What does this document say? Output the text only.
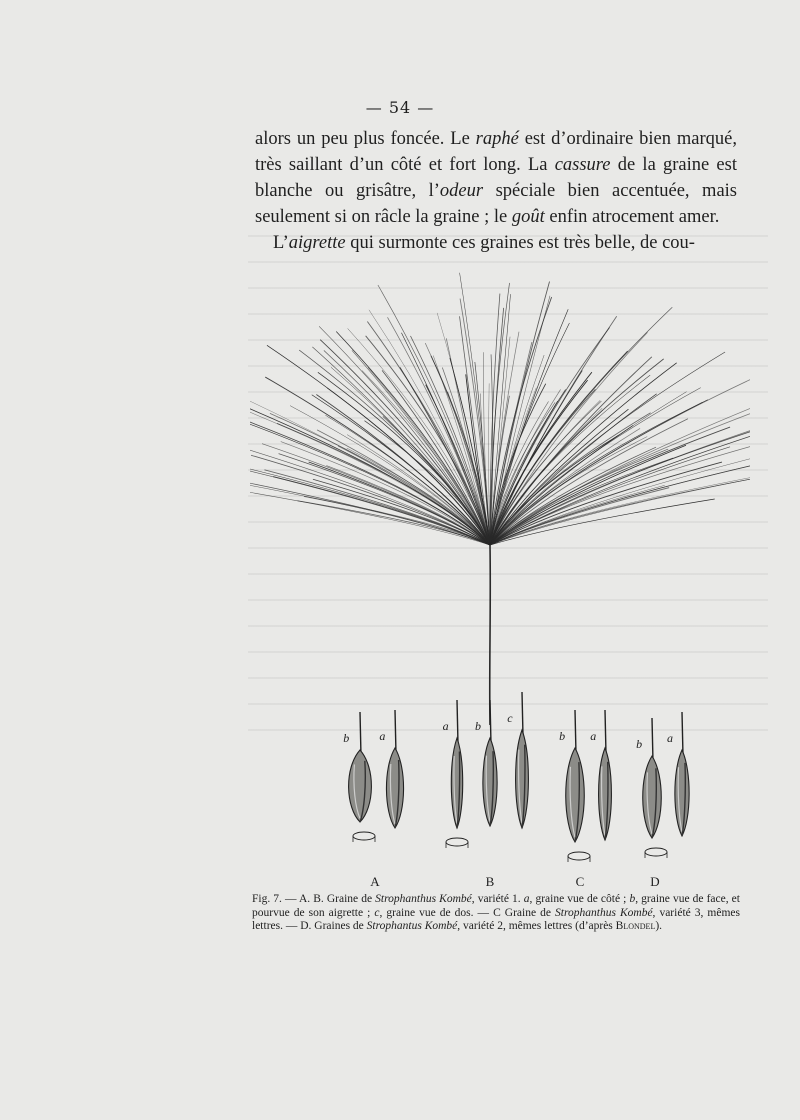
— 54 —

alors un peu plus foncée. Le raphé est d’ordinaire bien marqué, très saillant d’un côté et fort long. La cassure de la graine est blanche ou grisâtre, l’odeur spéciale bien accentuée, mais seulement si on râcle la graine ; le goût enfin atrocement amer.

L’aigrette qui surmonte ces graines est très belle, de cou-

b	a
A
a b
c
B
b a
C
b a
D
Fig. 7. — A. B. Graine de Strophanthus Kombé, variété 1. a, graine vue de côté ; b, graine vue de face, et pourvue de son aigrette ; c, graine vue de dos. — C Graine de Strophanthus Kombé, variété 3, mêmes lettres. — D. Graines de Strophantus Kombé, variété 2, mêmes lettres (d’après Blondel).
